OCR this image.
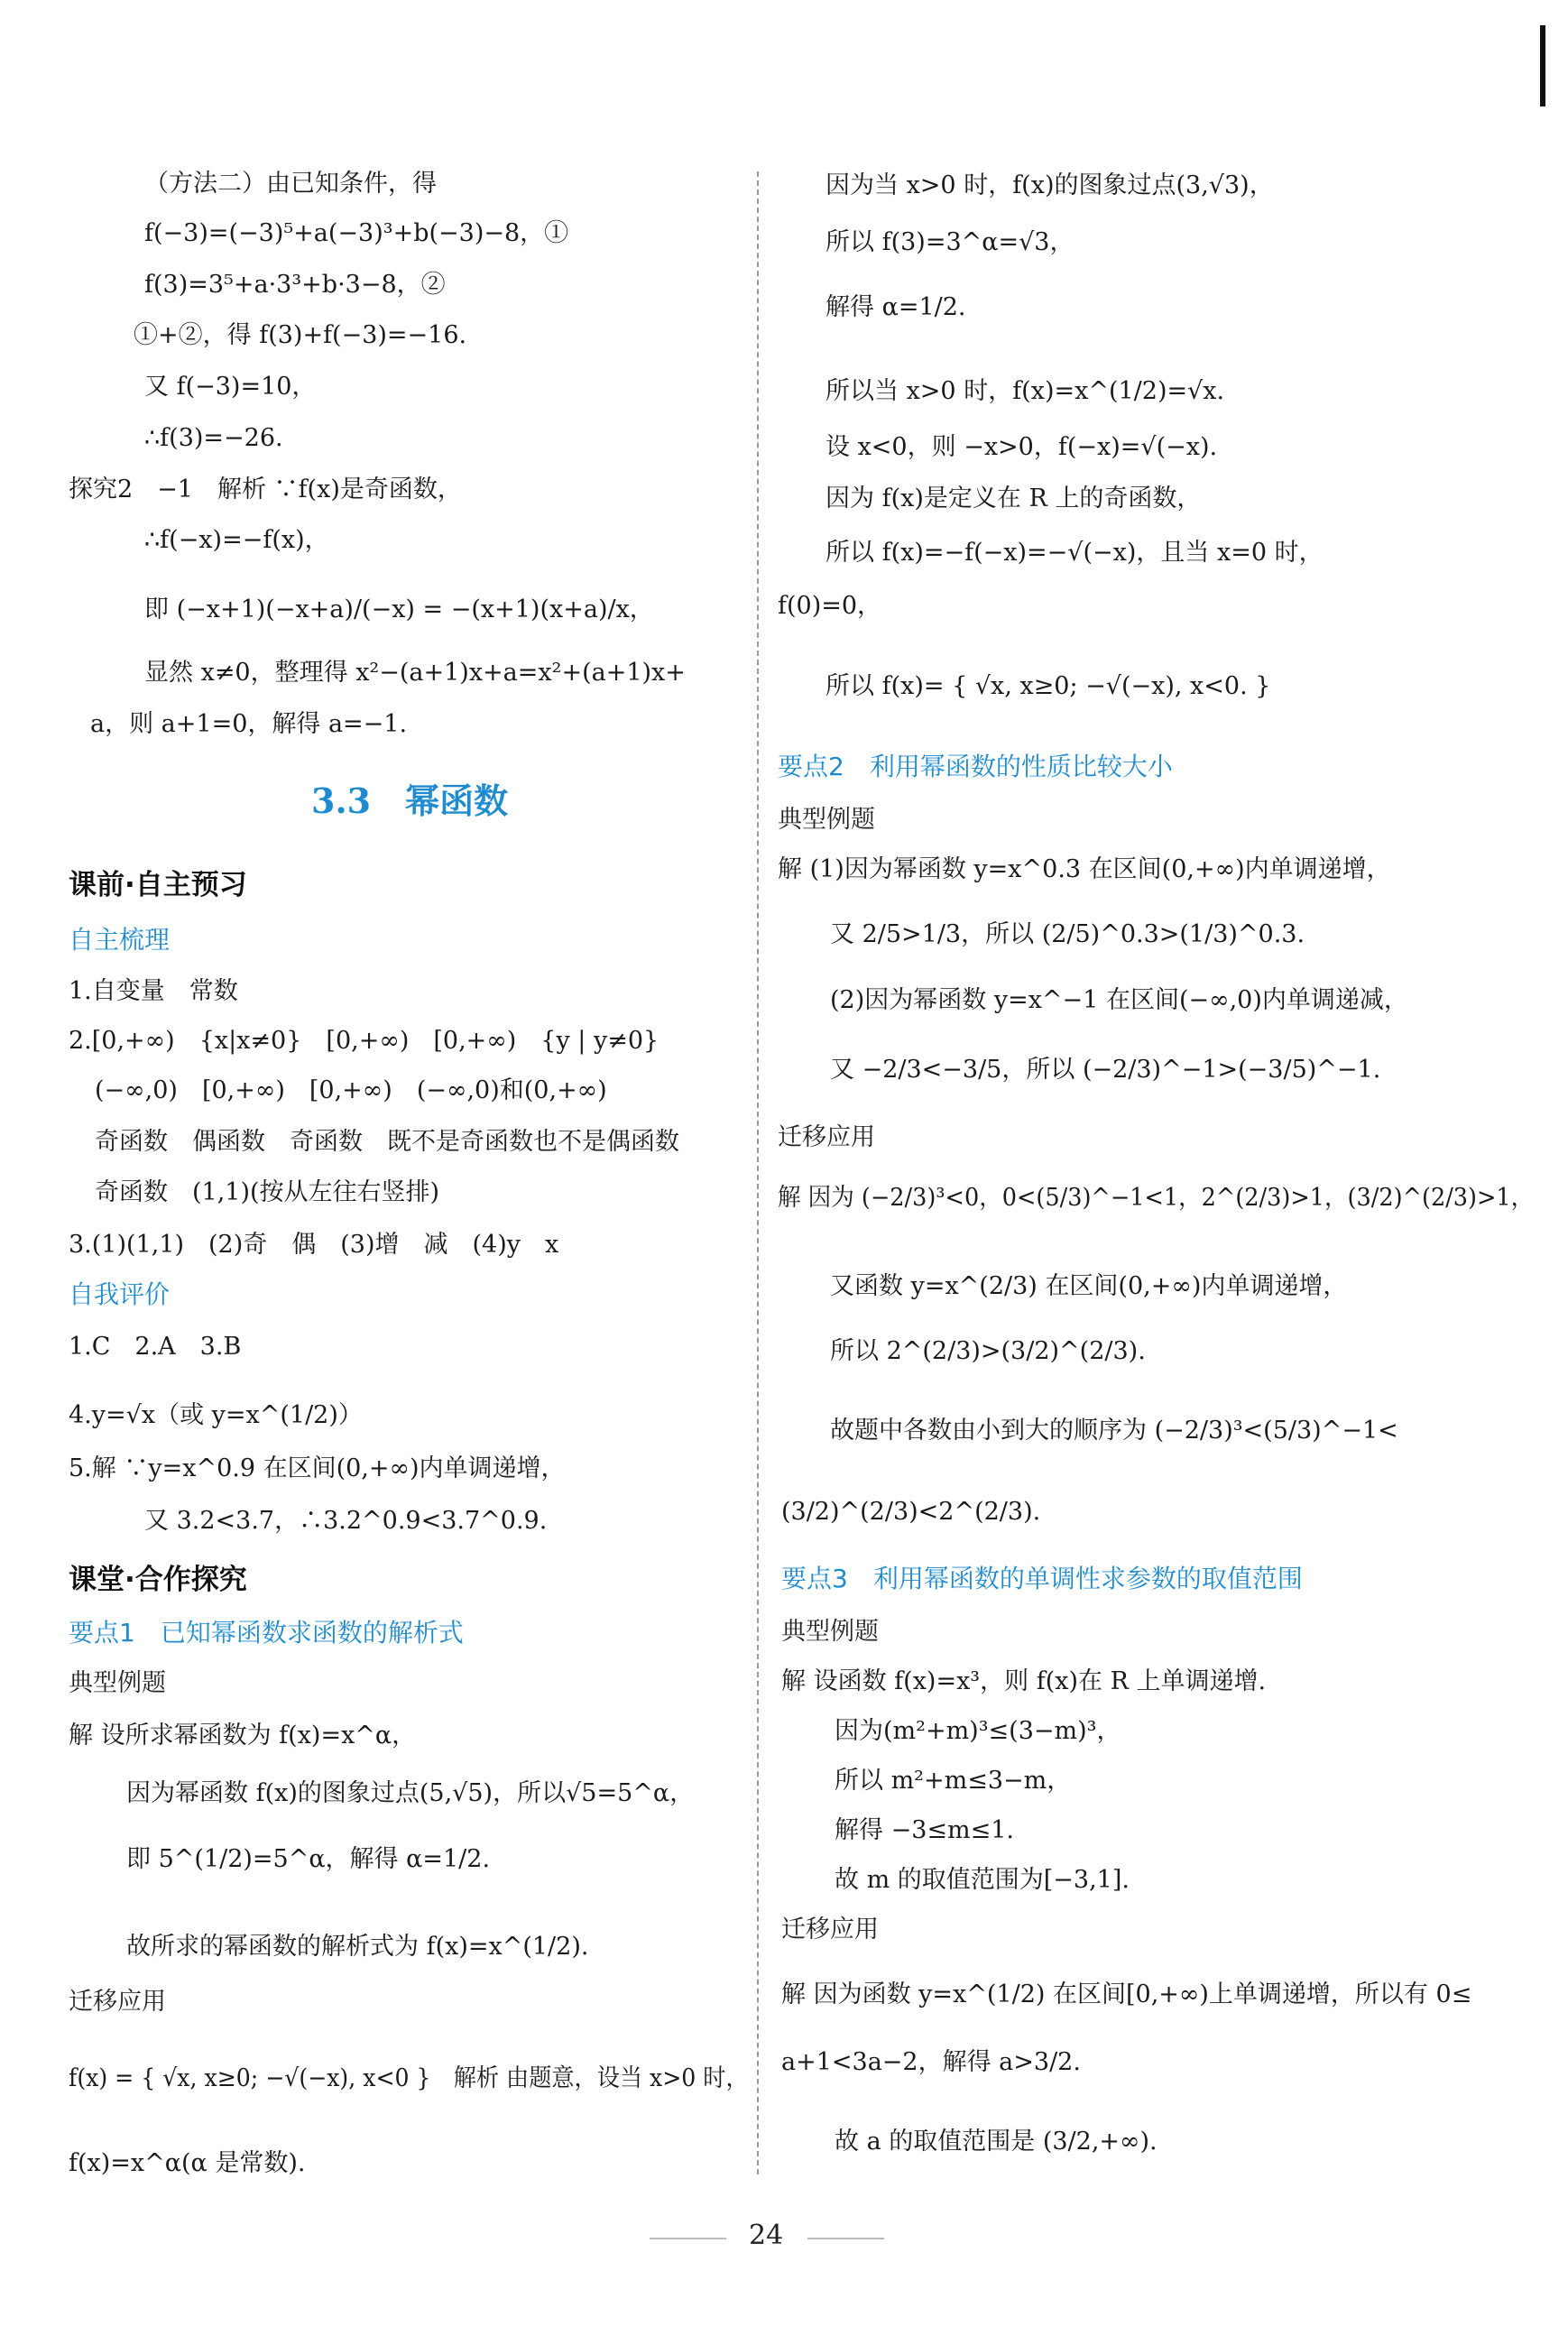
（方法二）由已知条件，得
f(−3)=(−3)⁵+a(−3)³+b(−3)−8，①
f(3)=3⁵+a·3³+b·3−8，②
①+②，得 f(3)+f(−3)=−16.
又 f(−3)=10，
∴f(3)=−26.
探究2　−1　解析 ∵f(x)是奇函数，
∴f(−x)=−f(x)，
即 (−x+1)(−x+a)/(−x) = −(x+1)(x+a)/x，
显然 x≠0，整理得 x²−(a+1)x+a=x²+(a+1)x+
a，则 a+1=0，解得 a=−1.
3.3　幂函数
课前·自主预习
自主梳理
1.自变量　常数
2.[0,+∞)　{x|x≠0}　[0,+∞)　[0,+∞)　{y | y≠0}
(−∞,0)　[0,+∞)　[0,+∞)　(−∞,0)和(0,+∞)
奇函数　偶函数　奇函数　既不是奇函数也不是偶函数
奇函数　(1,1)(按从左往右竖排)
3.(1)(1,1)　(2)奇　偶　(3)增　减　(4)y　x
自我评价
1.C　2.A　3.B
4.y=√x（或 y=x^(1/2)）
5.解 ∵y=x^0.9 在区间(0,+∞)内单调递增，
又 3.2<3.7，∴3.2^0.9<3.7^0.9.
课堂·合作探究
要点1　已知幂函数求函数的解析式
典型例题
解 设所求幂函数为 f(x)=x^α，
因为幂函数 f(x)的图象过点(5,√5)，所以√5=5^α，
即 5^(1/2)=5^α，解得 α=1/2.
故所求的幂函数的解析式为 f(x)=x^(1/2).
迁移应用
f(x) = { √x, x≥0; −√(−x), x<0 }　解析 由题意，设当 x>0 时，
f(x)=x^α(α 是常数).
因为当 x>0 时，f(x)的图象过点(3,√3)，
所以 f(3)=3^α=√3，
解得 α=1/2.
所以当 x>0 时，f(x)=x^(1/2)=√x.
设 x<0，则 −x>0，f(−x)=√(−x).
因为 f(x)是定义在 R 上的奇函数，
所以 f(x)=−f(−x)=−√(−x)，且当 x=0 时，
f(0)=0，
所以 f(x)= { √x, x≥0; −√(−x), x<0. }
要点2　利用幂函数的性质比较大小
典型例题
解 (1)因为幂函数 y=x^0.3 在区间(0,+∞)内单调递增，
又 2/5>1/3，所以 (2/5)^0.3>(1/3)^0.3.
(2)因为幂函数 y=x^−1 在区间(−∞,0)内单调递减，
又 −2/3<−3/5，所以 (−2/3)^−1>(−3/5)^−1.
迁移应用
解 因为 (−2/3)³<0，0<(5/3)^−1<1，2^(2/3)>1，(3/2)^(2/3)>1，
又函数 y=x^(2/3) 在区间(0,+∞)内单调递增，
所以 2^(2/3)>(3/2)^(2/3).
故题中各数由小到大的顺序为 (−2/3)³<(5/3)^−1<
(3/2)^(2/3)<2^(2/3).
要点3　利用幂函数的单调性求参数的取值范围
典型例题
解 设函数 f(x)=x³，则 f(x)在 R 上单调递增.
因为(m²+m)³≤(3−m)³，
所以 m²+m≤3−m，
解得 −3≤m≤1.
故 m 的取值范围为[−3,1].
迁移应用
解 因为函数 y=x^(1/2) 在区间[0,+∞)上单调递增，所以有 0≤
a+1<3a−2，解得 a>3/2.
故 a 的取值范围是 (3/2,+∞).
24
